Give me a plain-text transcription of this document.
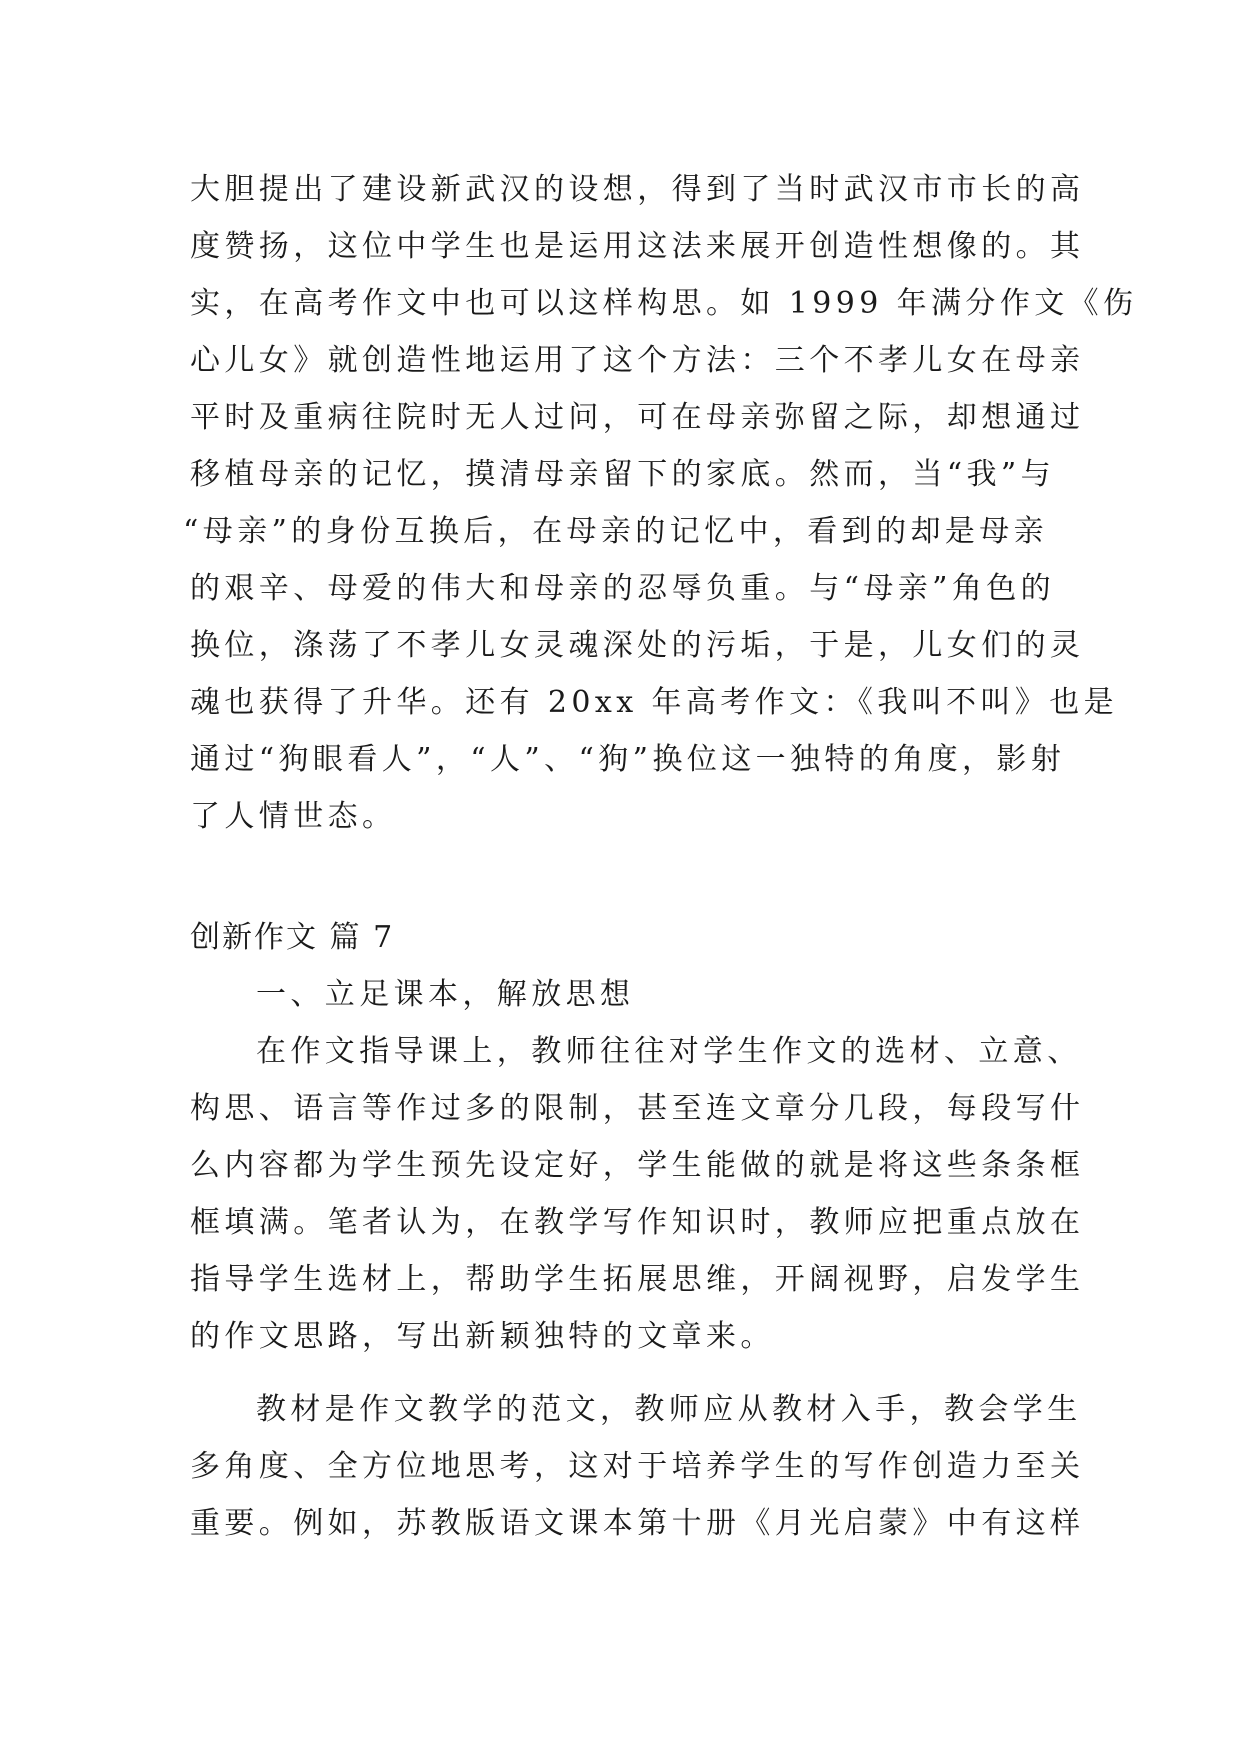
大胆提出了建设新武汉的设想，得到了当时武汉市市长的高
度赞扬，这位中学生也是运用这法来展开创造性想像的。其
实，在高考作文中也可以这样构思。如 1999 年满分作文《伤
心儿女》就创造性地运用了这个方法：三个不孝儿女在母亲
平时及重病往院时无人过问，可在母亲弥留之际，却想通过
移植母亲的记忆，摸清母亲留下的家底。然而，当“我”与
“母亲”的身份互换后，在母亲的记忆中，看到的却是母亲
的艰辛、母爱的伟大和母亲的忍辱负重。与“母亲”角色的
换位，涤荡了不孝儿女灵魂深处的污垢，于是，儿女们的灵
魂也获得了升华。还有 20xx 年高考作文：《我叫不叫》也是
通过“狗眼看人”，“人”、“狗”换位这一独特的角度，影射
了人情世态。
创新作文 篇 7
一、立足课本，解放思想
在作文指导课上，教师往往对学生作文的选材、立意、
构思、语言等作过多的限制，甚至连文章分几段，每段写什
么内容都为学生预先设定好，学生能做的就是将这些条条框
框填满。笔者认为，在教学写作知识时，教师应把重点放在
指导学生选材上，帮助学生拓展思维，开阔视野，启发学生
的作文思路，写出新颖独特的文章来。
教材是作文教学的范文，教师应从教材入手，教会学生
多角度、全方位地思考，这对于培养学生的写作创造力至关
重要。例如，苏教版语文课本第十册《月光启蒙》中有这样
